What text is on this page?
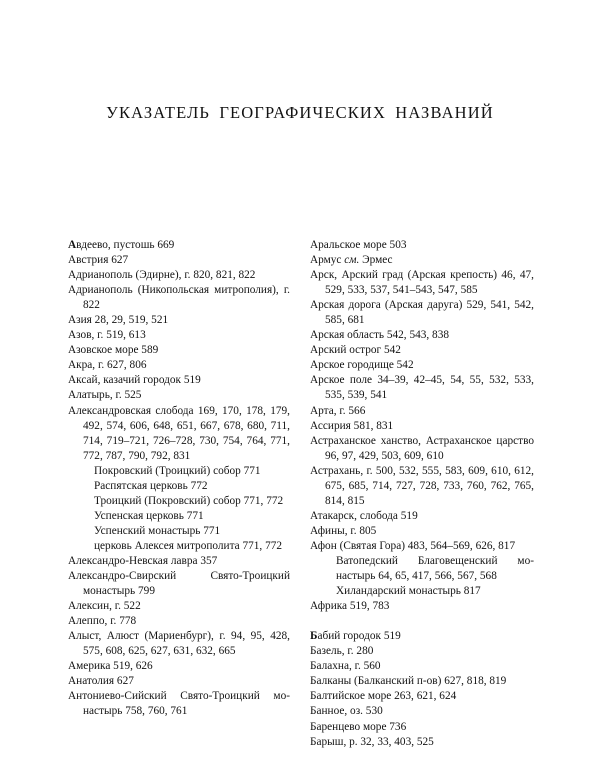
УКАЗАТЕЛЬ ГЕОГРАФИЧЕСКИХ НАЗВАНИЙ
Авдеево, пустошь 669
Австрия 627
Адрианополь (Эдирне), г. 820, 821, 822
Адрианополь (Никопольская митрополия), г. 822
Азия 28, 29, 519, 521
Азов, г. 519, 613
Азовское море 589
Акра, г. 627, 806
Аксай, казачий городок 519
Алатырь, г. 525
Александровская слобода 169, 170, 178, 179, 492, 574, 606, 648, 651, 667, 678, 680, 711, 714, 719–721, 726–728, 730, 754, 764, 771, 772, 787, 790, 792, 831
Покровский (Троицкий) собор 771
Распятская церковь 772
Троицкий (Покровский) собор 771, 772
Успенская церковь 771
Успенский монастырь 771
церковь Алексея митрополита 771, 772
Александро-Невская лавра 357
Александро-Свирский Свято-Троицкий монастырь 799
Алексин, г. 522
Алеппо, г. 778
Алыст, Алюст (Мариенбург), г. 94, 95, 428, 575, 608, 625, 627, 631, 632, 665
Америка 519, 626
Анатолия 627
Антониево-Сийский Свято-Троицкий монастырь 758, 760, 761
Аральское море 503
Армус см. Эрмес
Арск, Арский град (Арская крепость) 46, 47, 529, 533, 537, 541–543, 547, 585
Арская дорога (Арская даруга) 529, 541, 542, 585, 681
Арская область 542, 543, 838
Арский острог 542
Арское городище 542
Арское поле 34–39, 42–45, 54, 55, 532, 533, 535, 539, 541
Арта, г. 566
Ассирия 581, 831
Астраханское ханство, Астраханское царство 96, 97, 429, 503, 609, 610
Астрахань, г. 500, 532, 555, 583, 609, 610, 612, 675, 685, 714, 727, 728, 733, 760, 762, 765, 814, 815
Атакарск, слобода 519
Афины, г. 805
Афон (Святая Гора) 483, 564–569, 626, 817
Ватопедский Благовещенский монастырь 64, 65, 417, 566, 567, 568
Хиландарский монастырь 817
Африка 519, 783
Бабий городок 519
Базель, г. 280
Балахна, г. 560
Балканы (Балканский п-ов) 627, 818, 819
Балтийское море 263, 621, 624
Банное, оз. 530
Баренцево море 736
Барыш, р. 32, 33, 403, 525
